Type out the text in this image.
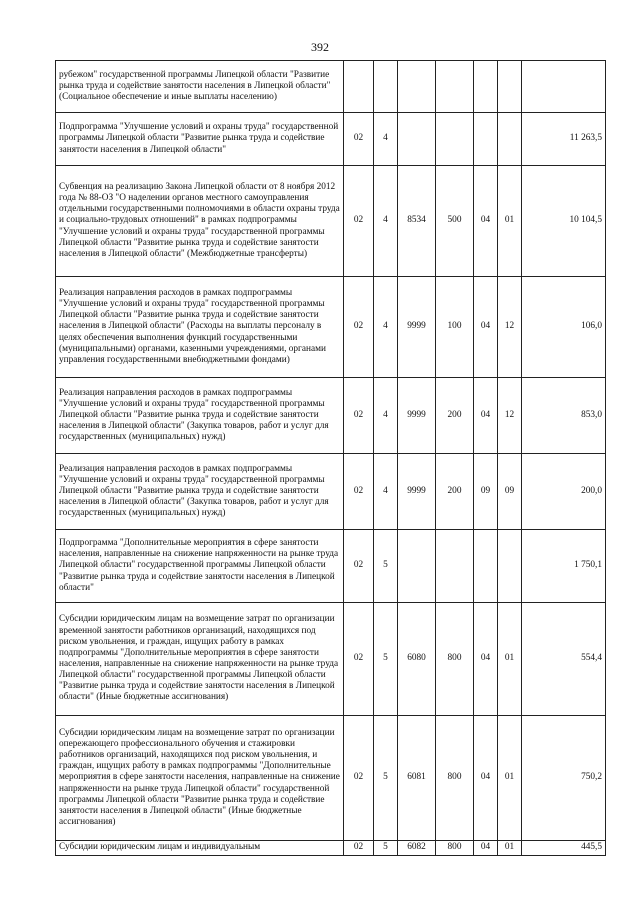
392
рубежом" государственной программы Липецкой области "Развитие рынка труда и содействие занятости населения в Липецкой области" (Социальное обеспечение и иные выплаты населению)							
Подпрограмма "Улучшение условий и охраны труда" государственной программы Липецкой области "Развитие рынка труда и содействие занятости населения в Липецкой области"	02	4					11 263,5
Субвенция на реализацию Закона Липецкой области от 8 ноября 2012 года № 88-ОЗ "О наделении органов местного самоуправления отдельными государственными полномочиями в области охраны труда и социально-трудовых отношений" в рамках подпрограммы "Улучшение условий и охраны труда" государственной программы Липецкой области "Развитие рынка труда и содействие занятости населения в Липецкой области" (Межбюджетные трансферты)	02	4	8534	500	04	01	10 104,5
Реализация направления расходов в рамках подпрограммы "Улучшение условий и охраны труда" государственной программы Липецкой области "Развитие рынка труда и содействие занятости населения в Липецкой области" (Расходы на выплаты персоналу в целях обеспечения выполнения функций государственными (муниципальными) органами, казенными учреждениями, органами управления государственными внебюджетными фондами)	02	4	9999	100	04	12	106,0
Реализация направления расходов в рамках подпрограммы "Улучшение условий и охраны труда" государственной программы Липецкой области "Развитие рынка труда и содействие занятости населения в Липецкой области" (Закупка товаров, работ и услуг для государственных (муниципальных) нужд)	02	4	9999	200	04	12	853,0
Реализация направления расходов в рамках подпрограммы "Улучшение условий и охраны труда" государственной программы Липецкой области "Развитие рынка труда и содействие занятости населения в Липецкой области" (Закупка товаров, работ и услуг для государственных (муниципальных) нужд)	02	4	9999	200	09	09	200,0
Подпрограмма "Дополнительные мероприятия в сфере занятости населения, направленные на снижение напряженности на рынке труда Липецкой области" государственной программы Липецкой области "Развитие рынка труда и содействие занятости населения в Липецкой области"	02	5					1 750,1
Субсидии юридическим лицам на возмещение затрат по организации временной занятости работников организаций, находящихся под риском увольнения, и граждан, ищущих работу в рамках подпрограммы "Дополнительные мероприятия в сфере занятости населения, направленные на снижение напряженности на рынке труда Липецкой области" государственной программы Липецкой области "Развитие рынка труда и содействие занятости населения в Липецкой области" (Иные бюджетные ассигнования)	02	5	6080	800	04	01	554,4
Субсидии юридическим лицам на возмещение затрат по организации опережающего профессионального обучения и стажировки работников организаций, находящихся под риском увольнения, и граждан, ищущих работу в рамках подпрограммы "Дополнительные мероприятия в сфере занятости населения, направленные на снижение напряженности на рынке труда Липецкой области" государственной программы Липецкой области "Развитие рынка труда и содействие занятости населения в Липецкой области" (Иные бюджетные ассигнования)	02	5	6081	800	04	01	750,2
Субсидии юридическим лицам и индивидуальным	02	5	6082	800	04	01	445,5
